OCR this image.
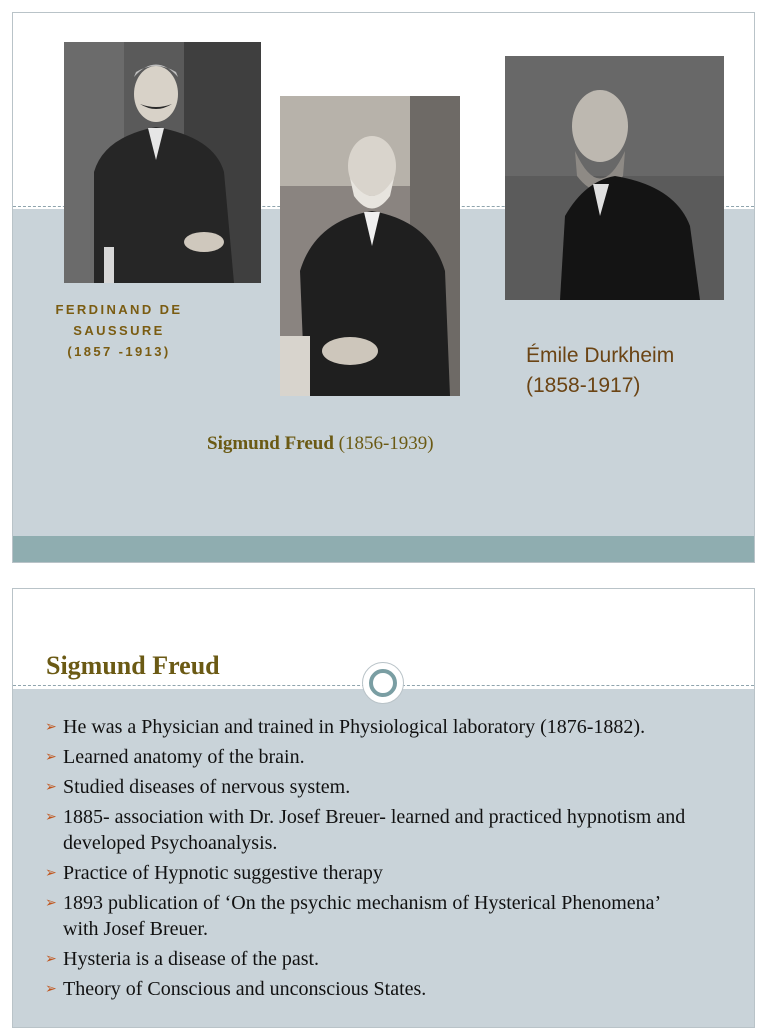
FERDINAND DE SAUSSURE
(1857 -1913)	Émile Durkheim
(1858-1917)
Sigmund Freud (1856-1939)
Sigmund Freud
➢ He was a Physician and trained in Physiological laboratory (1876-1882).
➢ Learned anatomy of the brain.
➢ Studied diseases of nervous system.
➢ 1885- association with Dr. Josef Breuer- learned and practiced hypnotism and developed Psychoanalysis.
➢ Practice of Hypnotic suggestive therapy
➢ 1893 publication of ‘On the psychic mechanism of Hysterical Phenomena’ with Josef Breuer.
➢ Hysteria is a disease of the past.
➢ Theory of Conscious and unconscious States.
